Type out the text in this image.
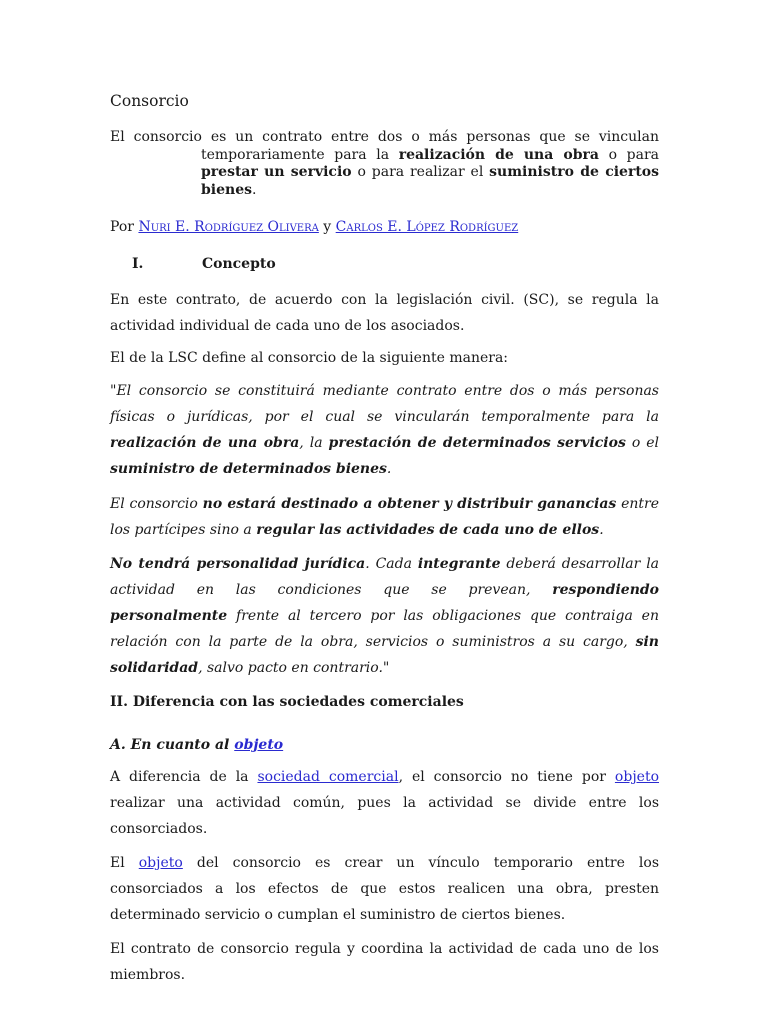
Consorcio
El consorcio es un contrato entre dos o más personas que se vinculan
temporariamente para la realización de una obra o para
prestar un servicio o para realizar el suministro de ciertos
bienes.
Por Nuri E. Rodríguez Olivera y Carlos E. López Rodríguez
I.	Concepto
En este contrato, de acuerdo con la legislación civil. (SC), se regula la
actividad individual de cada uno de los asociados.
El de la LSC define al consorcio de la siguiente manera:
"El consorcio se constituirá mediante contrato entre dos o más personas
físicas o jurídicas, por el cual se vincularán temporalmente para la
realización de una obra, la prestación de determinados servicios o el
suministro de determinados bienes.
El consorcio no estará destinado a obtener y distribuir ganancias entre
los partícipes sino a regular las actividades de cada uno de ellos.
No tendrá personalidad jurídica. Cada integrante deberá desarrollar la
actividad en las condiciones que se prevean, respondiendo
personalmente frente al tercero por las obligaciones que contraiga en
relación con la parte de la obra, servicios o suministros a su cargo, sin
solidaridad, salvo pacto en contrario."
II. Diferencia con las sociedades comerciales
A. En cuanto al objeto
A diferencia de la sociedad comercial, el consorcio no tiene por objeto
realizar una actividad común, pues la actividad se divide entre los
consorciados.
El objeto del consorcio es crear un vínculo temporario entre los
consorciados a los efectos de que estos realicen una obra, presten
determinado servicio o cumplan el suministro de ciertos bienes.
El contrato de consorcio regula y coordina la actividad de cada uno de los
miembros.
